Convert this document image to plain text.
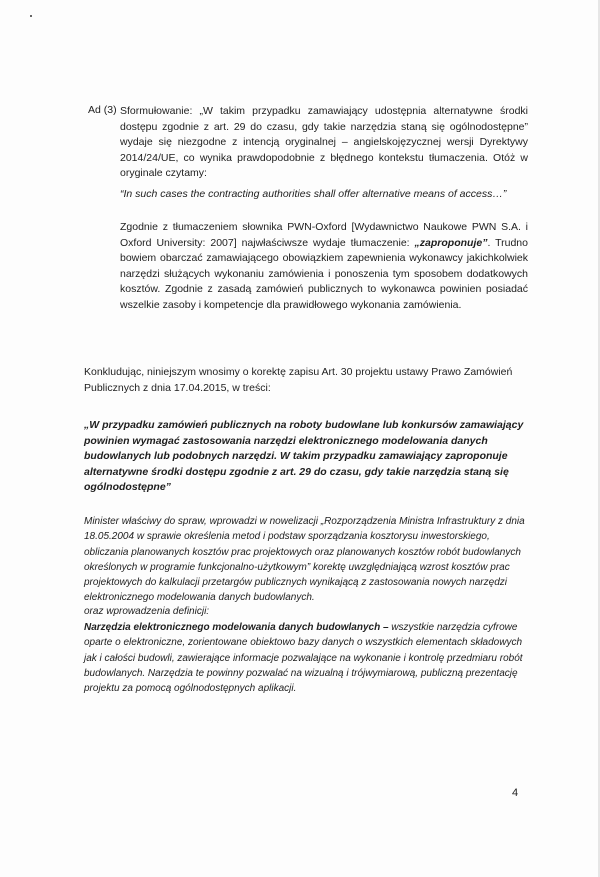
Ad (3) Sformułowanie: „W takim przypadku zamawiający udostępnia alternatywne środki dostępu zgodnie z art. 29 do czasu, gdy takie narzędzia staną się ogólnodostępne” wydaje się niezgodne z intencją oryginalnej – angielskojęzycznej wersji Dyrektywy 2014/24/UE, co wynika prawdopodobnie z błędnego kontekstu tłumaczenia. Otóż w oryginale czytamy:
“In such cases the contracting authorities shall offer alternative means of access…”
Zgodnie z tłumaczeniem słownika PWN-Oxford [Wydawnictwo Naukowe PWN S.A. i Oxford University: 2007] najwłaściwsze wydaje tłumaczenie: „zaproponuje”. Trudno bowiem obarczać zamawiającego obowiązkiem zapewnienia wykonawcy jakichkolwiek narzędzi służących wykonaniu zamówienia i ponoszenia tym sposobem dodatkowych kosztów. Zgodnie z zasadą zamówień publicznych to wykonawca powinien posiadać wszelkie zasoby i kompetencje dla prawidłowego wykonania zamówienia.
Konkludując, niniejszym wnosimy o korektę zapisu Art. 30 projektu ustawy Prawo Zamówień Publicznych z dnia 17.04.2015, w treści:
„W przypadku zamówień publicznych na roboty budowlane lub konkursów zamawiający powinien wymagać zastosowania narzędzi elektronicznego modelowania danych budowlanych lub podobnych narzędzi. W takim przypadku zamawiający zaproponuje alternatywne środki dostępu zgodnie z art. 29 do czasu, gdy takie narzędzia staną się ogólnodostępne”
Minister właściwy do spraw, wprowadzi w nowelizacji „Rozporządzenia Ministra Infrastruktury z dnia 18.05.2004 w sprawie określenia metod i podstaw sporządzania kosztorysu inwestorskiego, obliczania planowanych kosztów prac projektowych oraz planowanych kosztów robót budowlanych określonych w programie funkcjonalno-użytkowym” korektę uwzględniającą wzrost kosztów prac projektowych do kalkulacji przetargów publicznych wynikającą z zastosowania nowych narzędzi elektronicznego modelowania danych budowlanych.
oraz wprowadzenia definicji:
Narzędzia elektronicznego modelowania danych budowlanych – wszystkie narzędzia cyfrowe oparte o elektroniczne, zorientowane obiektowo bazy danych o wszystkich elementach składowych jak i całości budowli, zawierające informacje pozwalające na wykonanie i kontrolę przedmiaru robót budowlanych. Narzędzia te powinny pozwalać na wizualną i trójwymiarową, publiczną prezentację projektu za pomocą ogólnodostępnych aplikacji.
4
